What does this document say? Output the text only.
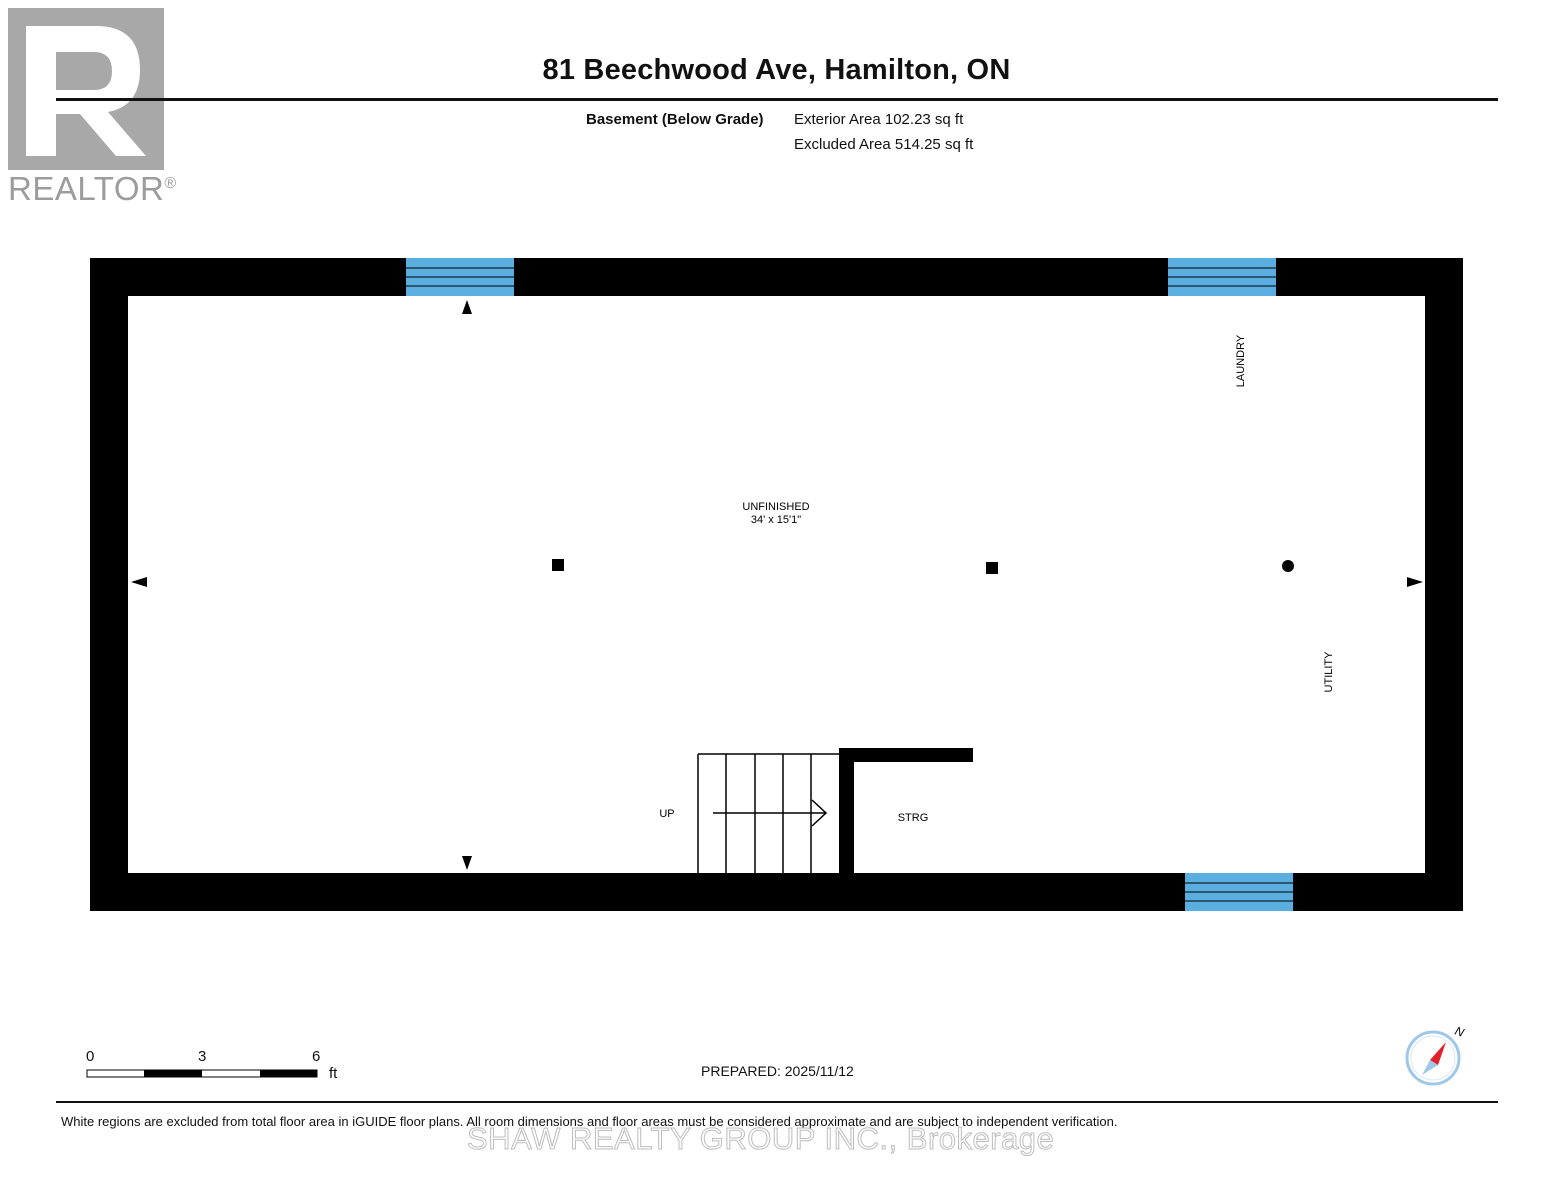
REALTOR®
81 Beechwood Ave, Hamilton, ON
Basement (Below Grade) Exterior Area 102.23 sq ft
Excluded Area 514.25 sq ft
UNFINISHED
34' x 15'1"
LAUNDRY
UTILITY
UP	STRG
0	3	6
ft	PREPARED: 2025/11/12
N
White regions are excluded from total floor area in iGUIDE floor plans. All room dimensions and floor areas must be considered approximate and are subject to independent verification.
SHAW REALTY GROUP INC., Brokerage
